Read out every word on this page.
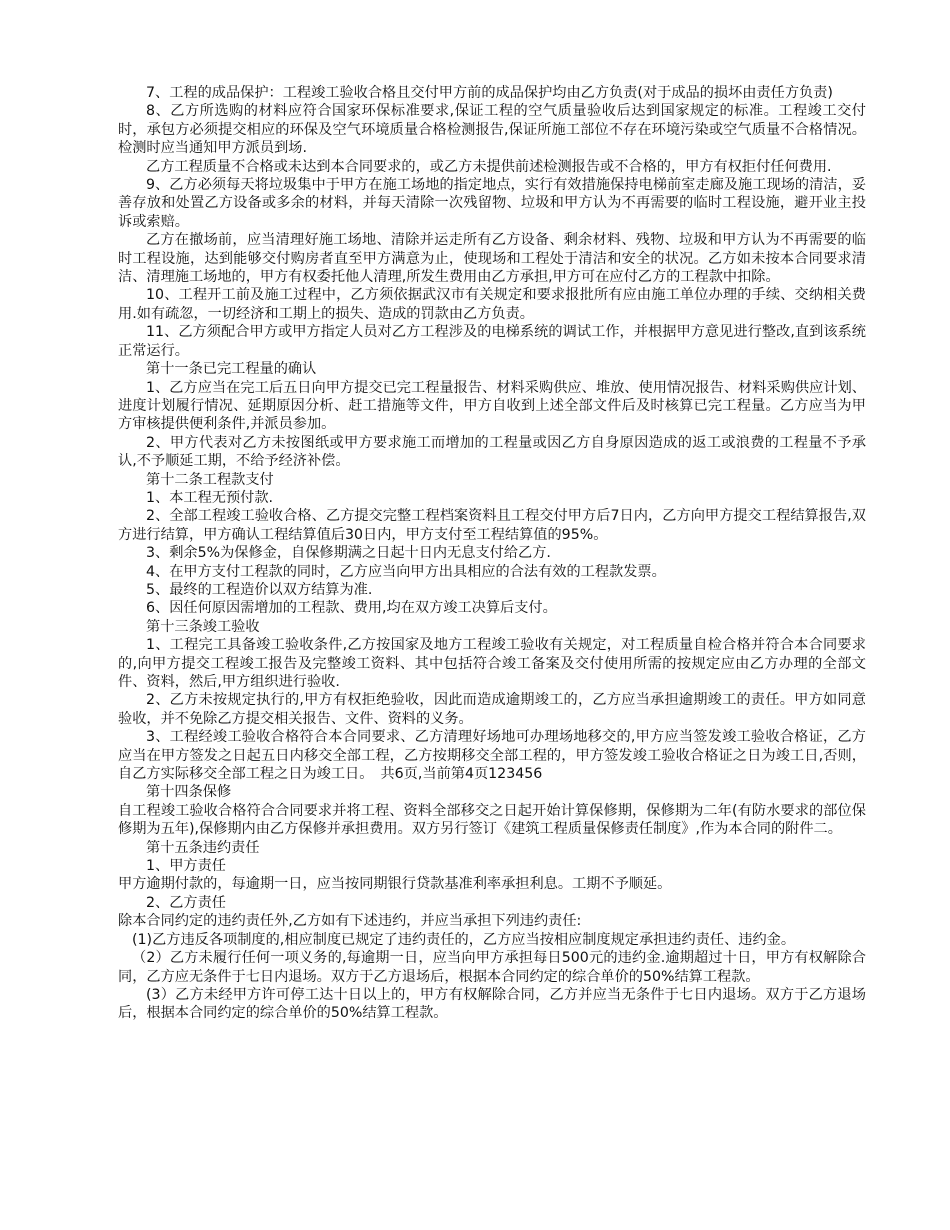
7、工程的成品保护：工程竣工验收合格且交付甲方前的成品保护均由乙方负责(对于成品的损坏由责任方负责)

8、乙方所选购的材料应符合国家环保标准要求,保证工程的空气质量验收后达到国家规定的标准。工程竣工交付时，承包方必须提交相应的环保及空气环境质量合格检测报告,保证所施工部位不存在环境污染或空气质量不合格情况。检测时应当通知甲方派员到场.

乙方工程质量不合格或未达到本合同要求的，或乙方未提供前述检测报告或不合格的，甲方有权拒付任何费用.

9、乙方必须每天将垃圾集中于甲方在施工场地的指定地点，实行有效措施保持电梯前室走廊及施工现场的清洁，妥善存放和处置乙方设备或多余的材料，并每天清除一次残留物、垃圾和甲方认为不再需要的临时工程设施，避开业主投诉或索赔。

乙方在撤场前，应当清理好施工场地、清除并运走所有乙方设备、剩余材料、残物、垃圾和甲方认为不再需要的临时工程设施，达到能够交付购房者直至甲方满意为止，使现场和工程处于清洁和安全的状况。乙方如未按本合同要求清洁、清理施工场地的，甲方有权委托他人清理,所发生费用由乙方承担,甲方可在应付乙方的工程款中扣除。

10、工程开工前及施工过程中，乙方须依据武汉市有关规定和要求报批所有应由施工单位办理的手续、交纳相关费用.如有疏忽，一切经济和工期上的损失、造成的罚款由乙方负责。

11、乙方须配合甲方或甲方指定人员对乙方工程涉及的电梯系统的调试工作，并根据甲方意见进行整改,直到该系统正常运行。

第十一条已完工程量的确认

1、乙方应当在完工后五日向甲方提交已完工程量报告、材料采购供应、堆放、使用情况报告、材料采购供应计划、进度计划履行情况、延期原因分析、赶工措施等文件，甲方自收到上述全部文件后及时核算已完工程量。乙方应当为甲方审核提供便利条件,并派员参加。

2、甲方代表对乙方未按图纸或甲方要求施工而增加的工程量或因乙方自身原因造成的返工或浪费的工程量不予承认,不予顺延工期，不给予经济补偿。

第十二条工程款支付

1、本工程无预付款.

2、全部工程竣工验收合格、乙方提交完整工程档案资料且工程交付甲方后7日内，乙方向甲方提交工程结算报告,双方进行结算，甲方确认工程结算值后30日内，甲方支付至工程结算值的95%。

3、剩余5%为保修金，自保修期满之日起十日内无息支付给乙方.

4、在甲方支付工程款的同时，乙方应当向甲方出具相应的合法有效的工程款发票。

5、最终的工程造价以双方结算为准.

6、因任何原因需增加的工程款、费用,均在双方竣工决算后支付。

第十三条竣工验收

1、工程完工具备竣工验收条件,乙方按国家及地方工程竣工验收有关规定，对工程质量自检合格并符合本合同要求的,向甲方提交工程竣工报告及完整竣工资料、其中包括符合竣工备案及交付使用所需的按规定应由乙方办理的全部文件、资料，然后,甲方组织进行验收.

2、乙方未按规定执行的,甲方有权拒绝验收，因此而造成逾期竣工的，乙方应当承担逾期竣工的责任。甲方如同意验收，并不免除乙方提交相关报告、文件、资料的义务。

3、工程经竣工验收合格符合本合同要求、乙方清理好场地可办理场地移交的,甲方应当签发竣工验收合格证，乙方应当在甲方签发之日起五日内移交全部工程，乙方按期移交全部工程的，甲方签发竣工验收合格证之日为竣工日,否则，自乙方实际移交全部工程之日为竣工日。　共6页,当前第4页123456

第十四条保修

自工程竣工验收合格符合合同要求并将工程、资料全部移交之日起开始计算保修期，保修期为二年(有防水要求的部位保修期为五年),保修期内由乙方保修并承担费用。双方另行签订《建筑工程质量保修责任制度》,作为本合同的附件二。

第十五条违约责任

1、甲方责任

甲方逾期付款的，每逾期一日，应当按同期银行贷款基准利率承担利息。工期不予顺延。

2、乙方责任

除本合同约定的违约责任外,乙方如有下述违约，并应当承担下列违约责任:

(1)乙方违反各项制度的,相应制度已规定了违约责任的，乙方应当按相应制度规定承担违约责任、违约金。

（2）乙方未履行任何一项义务的,每逾期一日，应当向甲方承担每日500元的违约金.逾期超过十日，甲方有权解除合同，乙方应无条件于七日内退场。双方于乙方退场后，根据本合同约定的综合单价的50%结算工程款。

(3）乙方未经甲方许可停工达十日以上的，甲方有权解除合同，乙方并应当无条件于七日内退场。双方于乙方退场后，根据本合同约定的综合单价的50%结算工程款。
